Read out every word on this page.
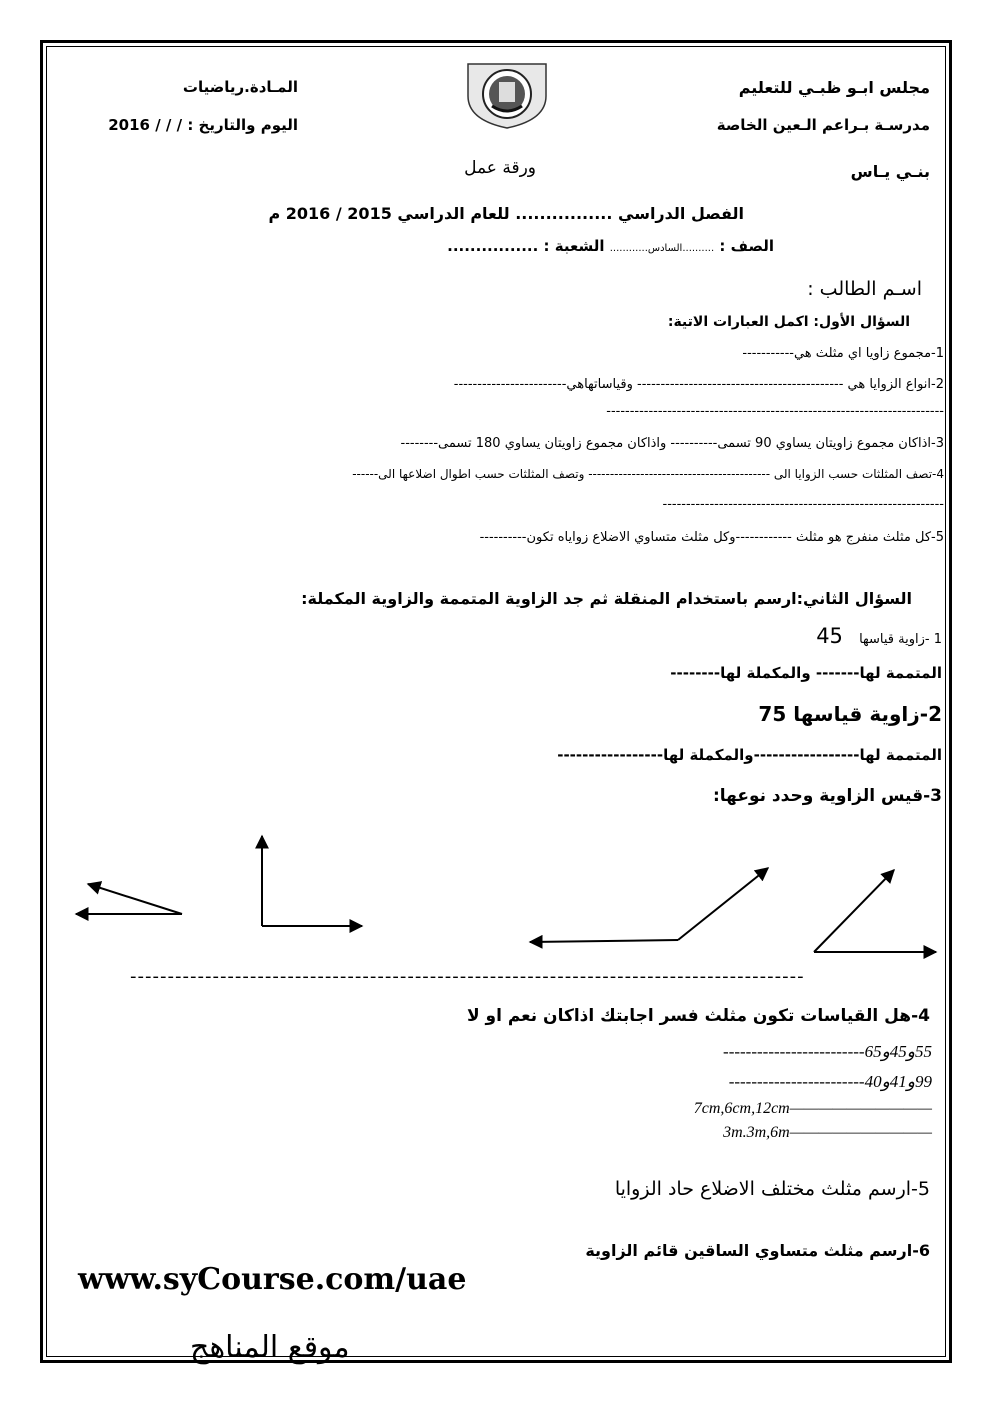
مجلس ابـو ظبـي للتعليم
مدرسـة بـراعم الـعين الخاصة
بنـي يـاس
المـادة.رياضيات
اليوم والتاريخ : / / / 2016
ورقة عمل
الفصل الدراسي ................ للعام الدراسي 2015 / 2016 م
الصف : ..........السادس............ الشعبة : ................
اسـم الطالب :
السؤال الأول: اكمل العبارات الاتية:
1-مجموع زاويا اي مثلث هي-----------
2-انواع الزوايا هي -------------------------------------------- وقياساتهاهي------------------------
------------------------------------------------------------------------
3-اذاكان مجموع زاويتان يساوي 90 تسمى---------- واذاكان مجموع زاويتان يساوي 180 تسمى--------
4-تصف المثلثات حسب الزوايا الى ------------------------------------------ وتصف المثلثات حسب اطوال اضلاعها الى------
------------------------------------------------------------
5-كل مثلث منفرج هو مثلث ------------وكل مثلث متساوي الاضلاع زواياه تكون----------
السؤال الثاني:ارسم باستخدام المنقلة ثم جد الزاوية المتممة والزاوية المكملة:
1 -زاوية قياسها 45
المتممة لها------- والمكملة لها--------
2-زاوية قياسها 75
المتممة لها-----------------والمكملة لها-----------------
3-قيس الزاوية وحدد نوعها:
------------------------------------------------------------------------------------------
4-هل القياسات تكون مثلث فسر اجابتك اذاكان نعم او لا
55و45و65-------------------------
99و41و40------------------------
7cm,6cm,12cm——————————
3m.3m,6m——————————
5-ارسم مثلث مختلف الاضلاع حاد الزوايا
6-ارسم مثلث متساوي الساقين قائم الزاوية
www.syCourse.com/uae
موقع المناهج
